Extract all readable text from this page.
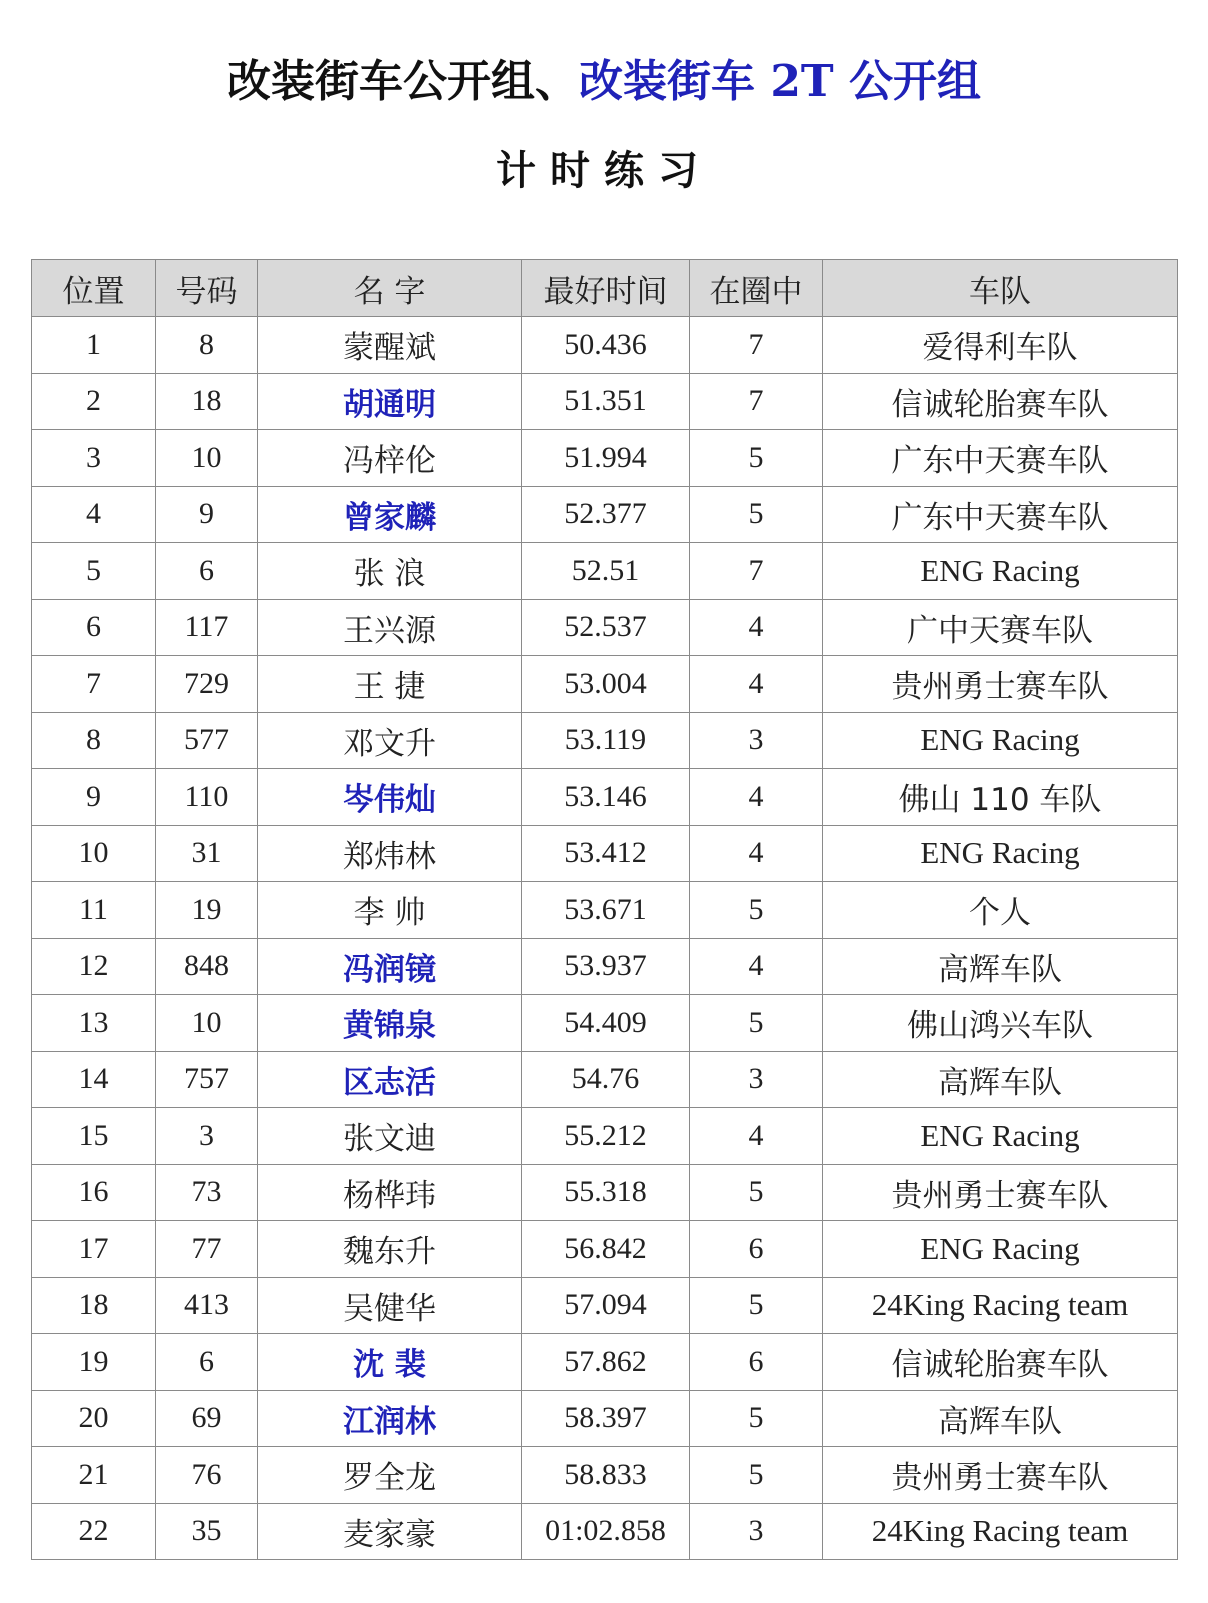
改装街车公开组、改装街车 2T 公开组
计时练习
位置	号码	名 字	最好时间	在圈中	车队
1	8	蒙醒斌	50.436	7	爱得利车队
2	18	胡通明	51.351	7	信诚轮胎赛车队
3	10	冯梓伦	51.994	5	广东中天赛车队
4	9	曾家麟	52.377	5	广东中天赛车队
5	6	张 浪	52.51	7	ENG Racing
6	117	王兴源	52.537	4	广中天赛车队
7	729	王 捷	53.004	4	贵州勇士赛车队
8	577	邓文升	53.119	3	ENG Racing
9	110	岑伟灿	53.146	4	佛山 110 车队
10	31	郑炜林	53.412	4	ENG Racing
11	19	李 帅	53.671	5	个人
12	848	冯润镜	53.937	4	高辉车队
13	10	黄锦泉	54.409	5	佛山鸿兴车队
14	757	区志活	54.76	3	高辉车队
15	3	张文迪	55.212	4	ENG Racing
16	73	杨桦玮	55.318	5	贵州勇士赛车队
17	77	魏东升	56.842	6	ENG Racing
18	413	吴健华	57.094	5	24King Racing team
19	6	沈 裴	57.862	6	信诚轮胎赛车队
20	69	江润林	58.397	5	高辉车队
21	76	罗全龙	58.833	5	贵州勇士赛车队
22	35	麦家豪	01:02.858	3	24King Racing team
